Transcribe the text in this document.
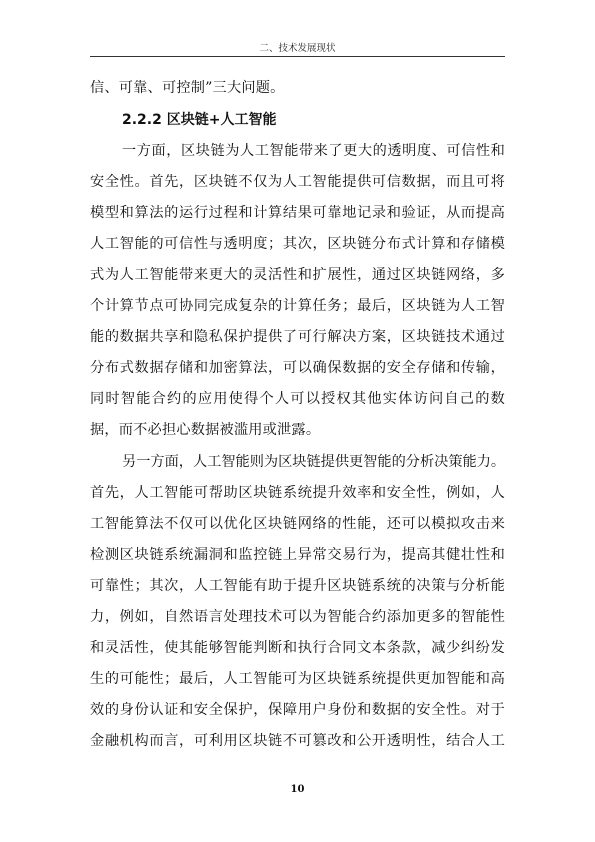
二、技术发展现状
信、可靠、可控制”三大问题。
2.2.2 区块链+人工智能
一方面，区块链为人工智能带来了更大的透明度、可信性和
安全性。首先，区块链不仅为人工智能提供可信数据，而且可将
模型和算法的运行过程和计算结果可靠地记录和验证，从而提高
人工智能的可信性与透明度；其次，区块链分布式计算和存储模
式为人工智能带来更大的灵活性和扩展性，通过区块链网络，多
个计算节点可协同完成复杂的计算任务；最后，区块链为人工智
能的数据共享和隐私保护提供了可行解决方案，区块链技术通过
分布式数据存储和加密算法，可以确保数据的安全存储和传输，
同时智能合约的应用使得个人可以授权其他实体访问自己的数
据，而不必担心数据被滥用或泄露。
另一方面，人工智能则为区块链提供更智能的分析决策能力。
首先，人工智能可帮助区块链系统提升效率和安全性，例如，人
工智能算法不仅可以优化区块链网络的性能，还可以模拟攻击来
检测区块链系统漏洞和监控链上异常交易行为，提高其健壮性和
可靠性；其次，人工智能有助于提升区块链系统的决策与分析能
力，例如，自然语言处理技术可以为智能合约添加更多的智能性
和灵活性，使其能够智能判断和执行合同文本条款，减少纠纷发
生的可能性；最后，人工智能可为区块链系统提供更加智能和高
效的身份认证和安全保护，保障用户身份和数据的安全性。对于
金融机构而言，可利用区块链不可篡改和公开透明性，结合人工
10
